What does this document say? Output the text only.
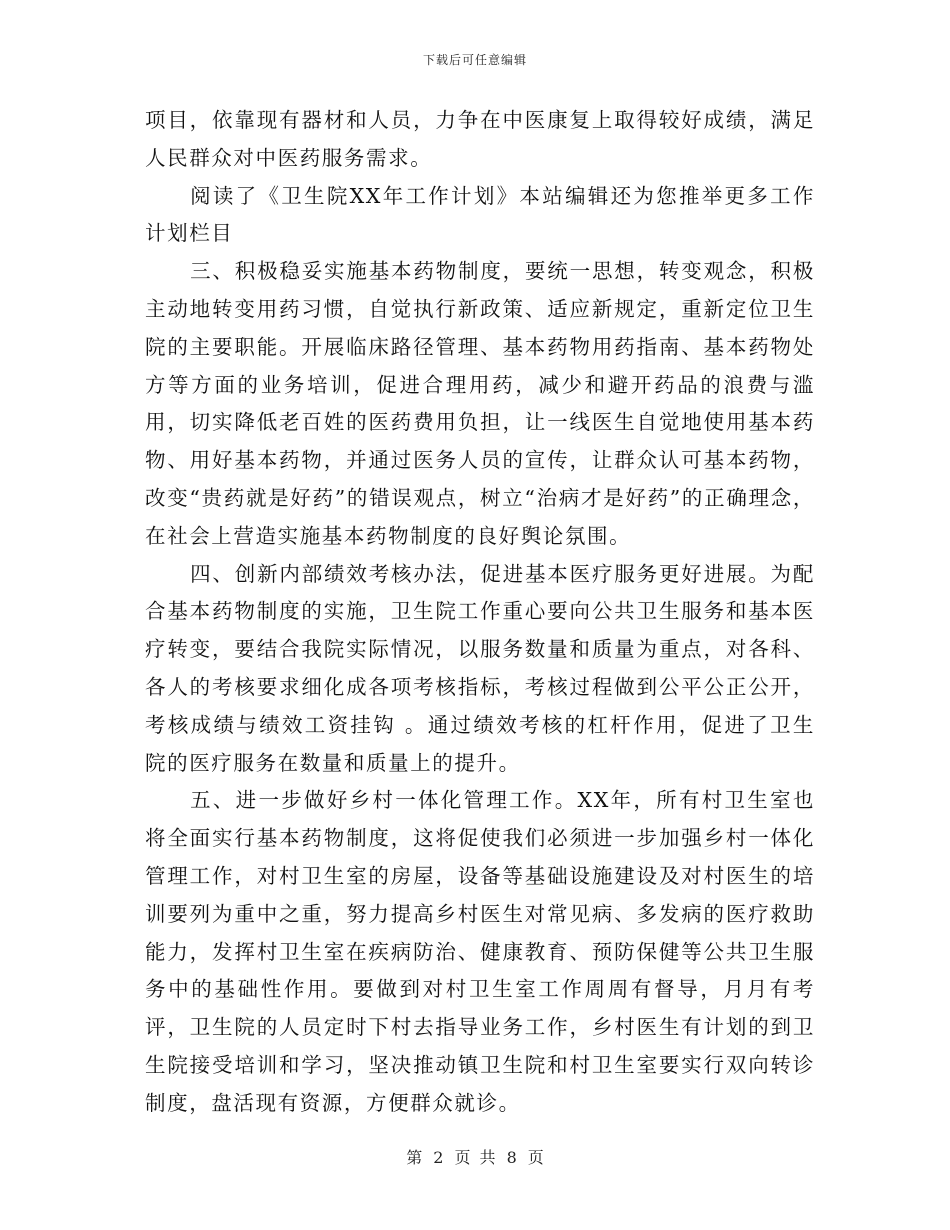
下载后可任意编辑

项目，依靠现有器材和人员，力争在中医康复上取得较好成绩，满足人民群众对中医药服务需求。

阅读了《卫生院XX年工作计划》本站编辑还为您推举更多工作计划栏目

三、积极稳妥实施基本药物制度，要统一思想，转变观念，积极主动地转变用药习惯，自觉执行新政策、适应新规定，重新定位卫生院的主要职能。开展临床路径管理、基本药物用药指南、基本药物处方等方面的业务培训，促进合理用药，减少和避开药品的浪费与滥用，切实降低老百姓的医药费用负担，让一线医生自觉地使用基本药物、用好基本药物，并通过医务人员的宣传，让群众认可基本药物，改变“贵药就是好药”的错误观点，树立“治病才是好药”的正确理念，在社会上营造实施基本药物制度的良好舆论氛围。

四、创新内部绩效考核办法，促进基本医疗服务更好进展。为配合基本药物制度的实施，卫生院工作重心要向公共卫生服务和基本医疗转变，要结合我院实际情况，以服务数量和质量为重点，对各科、各人的考核要求细化成各项考核指标，考核过程做到公平公正公开，考核成绩与绩效工资挂钩 。通过绩效考核的杠杆作用，促进了卫生院的医疗服务在数量和质量上的提升。

五、进一步做好乡村一体化管理工作。XX年，所有村卫生室也将全面实行基本药物制度，这将促使我们必须进一步加强乡村一体化管理工作，对村卫生室的房屋，设备等基础设施建设及对村医生的培训要列为重中之重，努力提高乡村医生对常见病、多发病的医疗救助能力，发挥村卫生室在疾病防治、健康教育、预防保健等公共卫生服务中的基础性作用。要做到对村卫生室工作周周有督导，月月有考评，卫生院的人员定时下村去指导业务工作，乡村医生有计划的到卫生院接受培训和学习，坚决推动镇卫生院和村卫生室要实行双向转诊制度，盘活现有资源，方便群众就诊。

第 2 页 共 8 页
